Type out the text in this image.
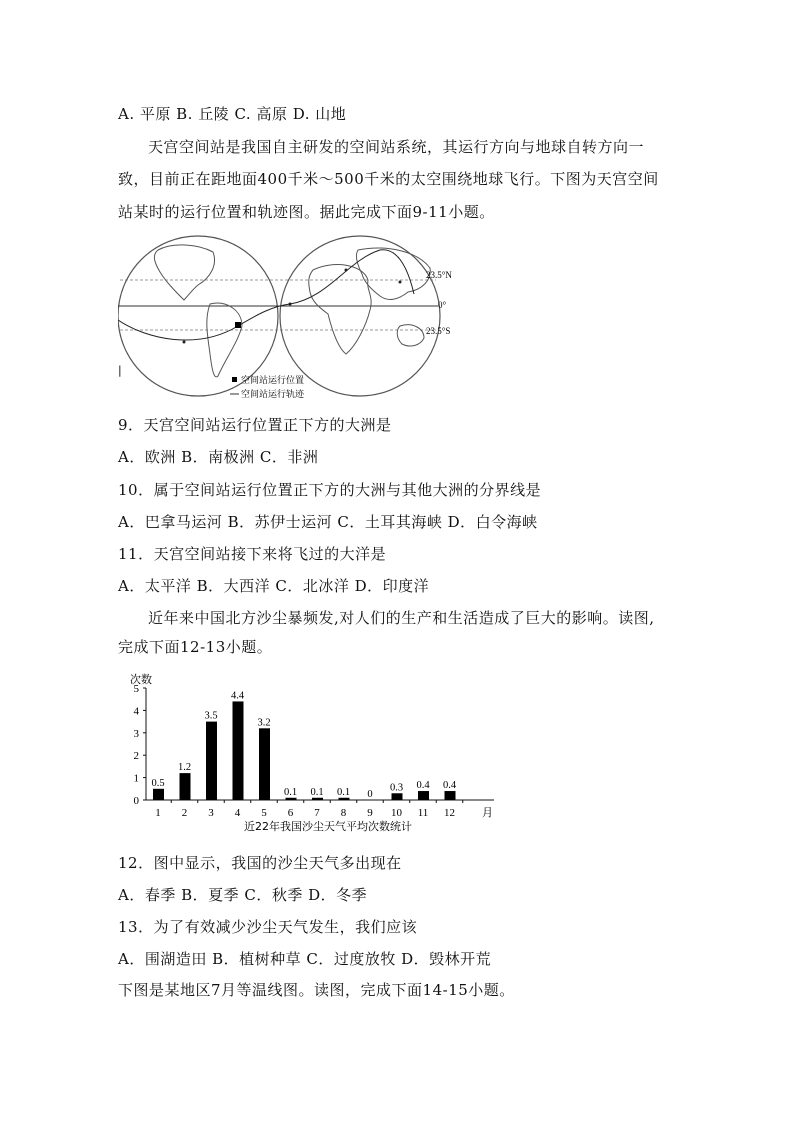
A. 平原 B. 丘陵 C. 高原 D. 山地
天宫空间站是我国自主研发的空间站系统，其运行方向与地球自转方向一
致，目前正在距地面400千米～500千米的太空围绕地球飞行。下图为天宫空间
站某时的运行位置和轨迹图。据此完成下面9-11小题。
23.5°N
0°
23.5°S
空间站运行位置
空间站运行轨迹
|
9．天宫空间站运行位置正下方的大洲是
A．欧洲 B．南极洲 C．非洲
10．属于空间站运行位置正下方的大洲与其他大洲的分界线是
A．巴拿马运河 B．苏伊士运河 C．土耳其海峡 D．白令海峡
11．天宫空间站接下来将飞过的大洋是
A．太平洋 B．大西洋 C．北冰洋 D．印度洋
近年来中国北方沙尘暴频发,对人们的生产和生活造成了巨大的影响。读图,
完成下面12-13小题。
次数
0
1
2
3
4
5
0.5
1
1.2
2
3.5
3
4.4
4
3.2
5
0.1
6
0.1
7
0.1
8
0
9
0.3
10
0.4
11
0.4
12 月
近22年我国沙尘天气平均次数统计
12．图中显示，我国的沙尘天气多出现在
A．春季 B．夏季 C．秋季 D．冬季
13．为了有效减少沙尘天气发生，我们应该
A．围湖造田 B．植树种草 C．过度放牧 D．毁林开荒
下图是某地区7月等温线图。读图，完成下面14-15小题。
